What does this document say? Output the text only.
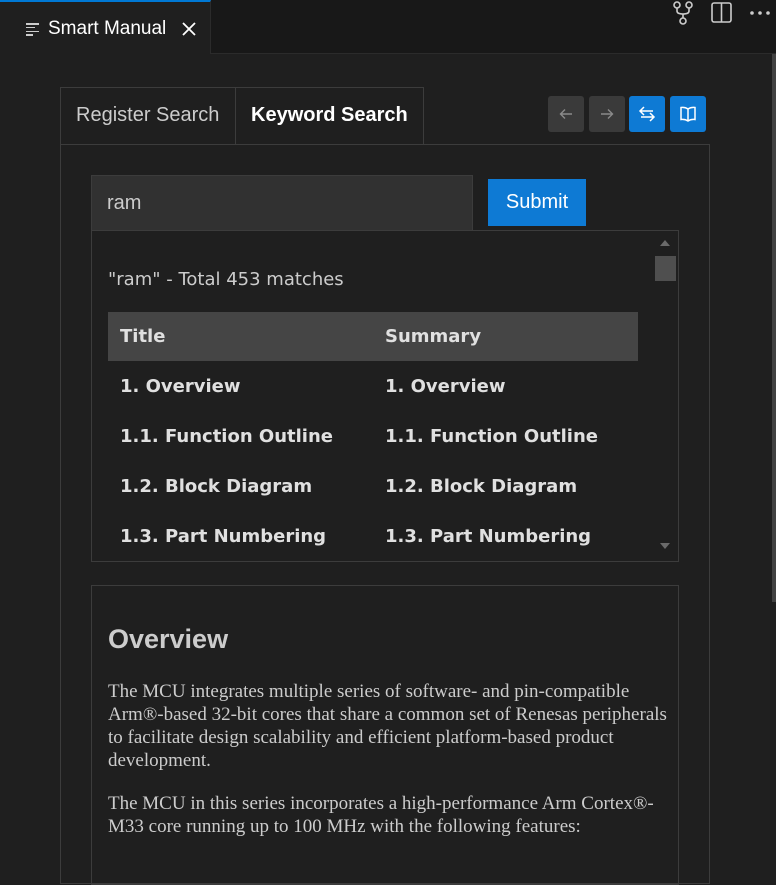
Smart Manual
Register Search	Keyword Search
ram
Submit
"ram" - Total 453 matches
Title	Summary
1. Overview	1. Overview
1.1. Function Outline	1.1. Function Outline
1.2. Block Diagram	1.2. Block Diagram
1.3. Part Numbering	1.3. Part Numbering
Overview

The MCU integrates multiple series of software- and pin-compatible Arm®-based 32-bit cores that share a common set of Renesas peripherals to facilitate design scalability and efficient platform-based product development.

The MCU in this series incorporates a high-performance Arm Cortex®-M33 core running up to 100 MHz with the following features:
